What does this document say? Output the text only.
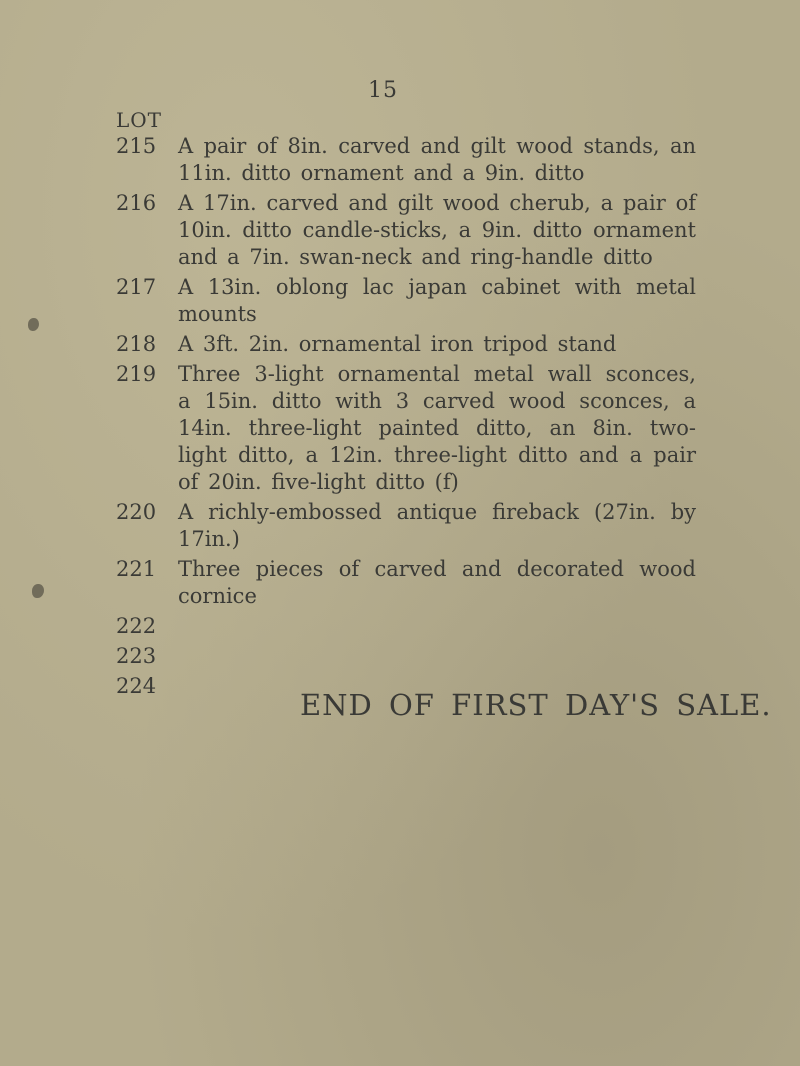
15
LOT
215	A pair of 8in. carved and gilt wood stands, an 11in. ditto ornament and a 9in. ditto
216	A 17in. carved and gilt wood cherub, a pair of 10in. ditto candle-sticks, a 9in. ditto ornament and a 7in. swan-neck and ring-handle ditto
217	A 13in. oblong lac japan cabinet with metal mounts
218	A 3ft. 2in. ornamental iron tripod stand
219	Three 3-light ornamental metal wall sconces, a 15in. ditto with 3 carved wood sconces, a 14in. three-light painted ditto, an 8in. two-light ditto, a 12in. three-light ditto and a pair of 20in. five-light ditto (f)
220	A richly-embossed antique fireback (27in. by 17in.)
221	Three pieces of carved and decorated wood cornice
222
223
224
END OF FIRST DAY'S SALE.
